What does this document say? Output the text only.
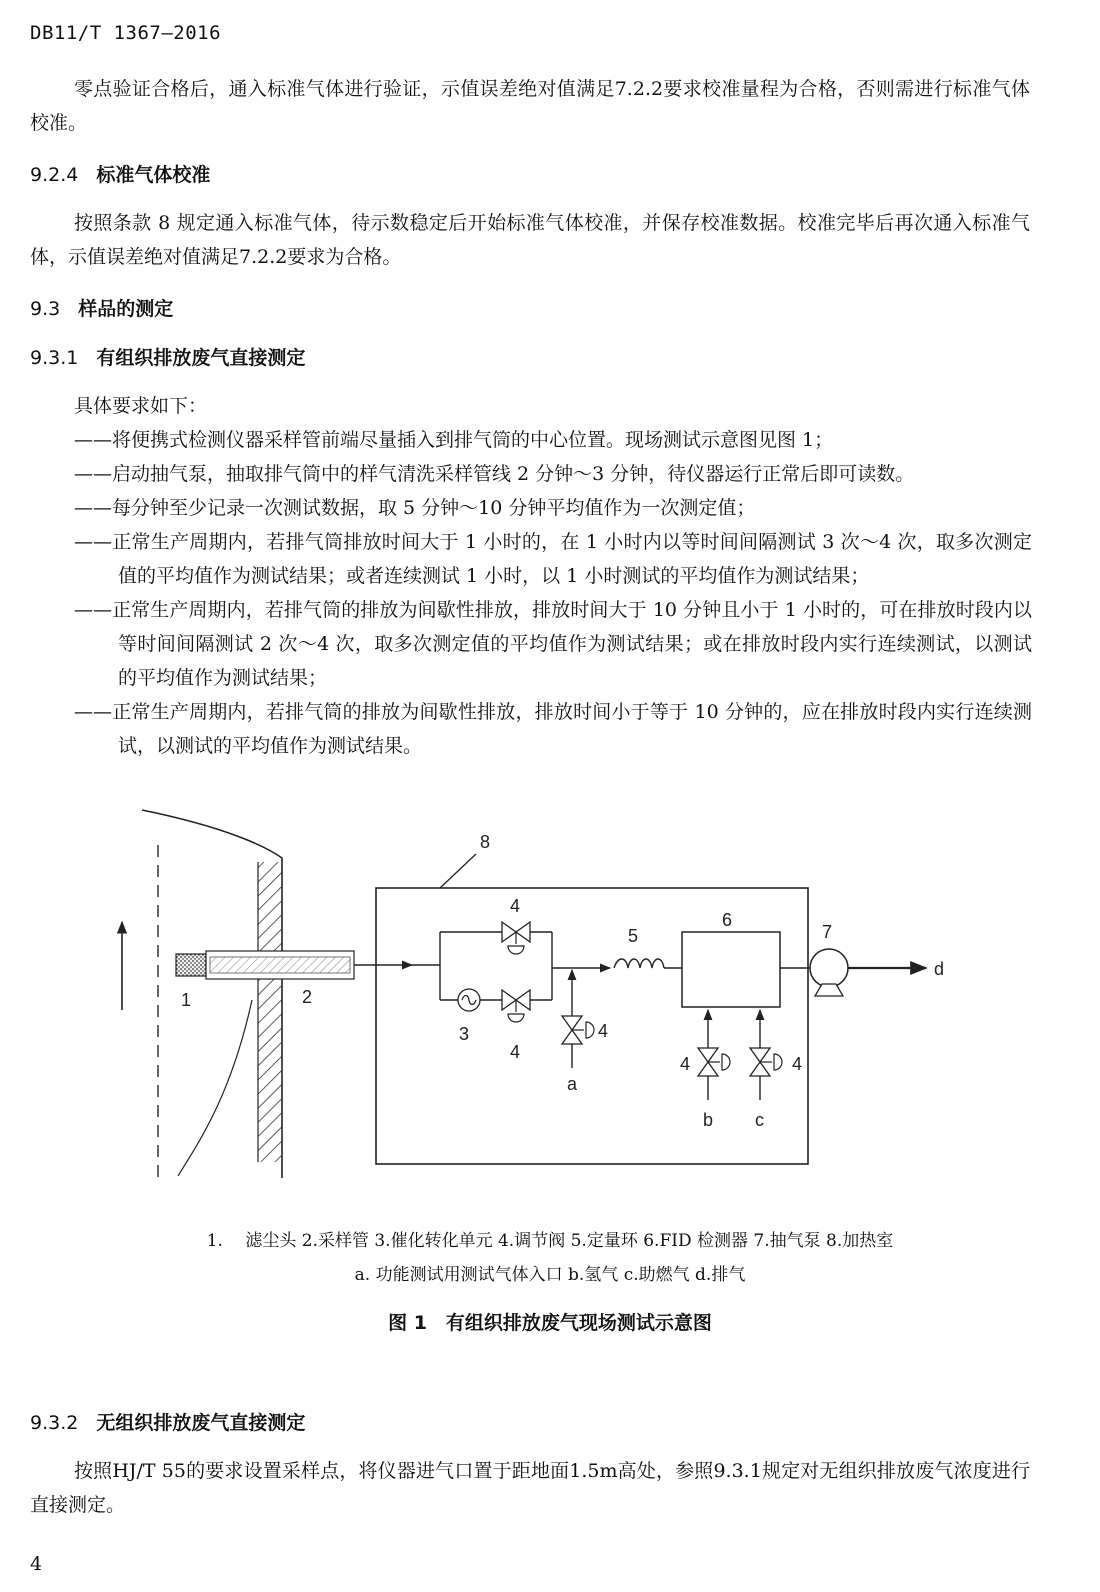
DB11/T 1367—2016
零点验证合格后，通入标准气体进行验证，示值误差绝对值满足7.2.2要求校准量程为合格，否则需进行标准气体校准。
9.2.4 标准气体校准
按照条款 8 规定通入标准气体，待示数稳定后开始标准气体校准，并保存校准数据。校准完毕后再次通入标准气体，示值误差绝对值满足7.2.2要求为合格。
9.3 样品的测定
9.3.1 有组织排放废气直接测定
具体要求如下：
——将便携式检测仪器采样管前端尽量插入到排气筒的中心位置。现场测试示意图见图 1；
——启动抽气泵，抽取排气筒中的样气清洗采样管线 2 分钟～3 分钟，待仪器运行正常后即可读数。
——每分钟至少记录一次测试数据，取 5 分钟～10 分钟平均值作为一次测定值；
——正常生产周期内，若排气筒排放时间大于 1 小时的，在 1 小时内以等时间间隔测试 3 次～4 次，取多次测定值的平均值作为测试结果；或者连续测试 1 小时，以 1 小时测试的平均值作为测试结果；
——正常生产周期内，若排气筒的排放为间歇性排放，排放时间大于 10 分钟且小于 1 小时的，可在排放时段内以等时间间隔测试 2 次～4 次，取多次测定值的平均值作为测试结果；或在排放时段内实行连续测试，以测试的平均值作为测试结果；
——正常生产周期内，若排气筒的排放为间歇性排放，排放时间小于等于 10 分钟的，应在排放时段内实行连续测试，以测试的平均值作为测试结果。
1	2
8
4
3
4
4
a
5
6
4
b
4
c
7
d
1.　 滤尘头 2.采样管 3.催化转化单元 4.调节阀 5.定量环 6.FID 检测器 7.抽气泵 8.加热室
a. 功能测试用测试气体入口 b.氢气 c.助燃气 d.排气
图 1　有组织排放废气现场测试示意图
9.3.2 无组织排放废气直接测定
按照HJ/T 55的要求设置采样点，将仪器进气口置于距地面1.5m高处，参照9.3.1规定对无组织排放废气浓度进行直接测定。
4
